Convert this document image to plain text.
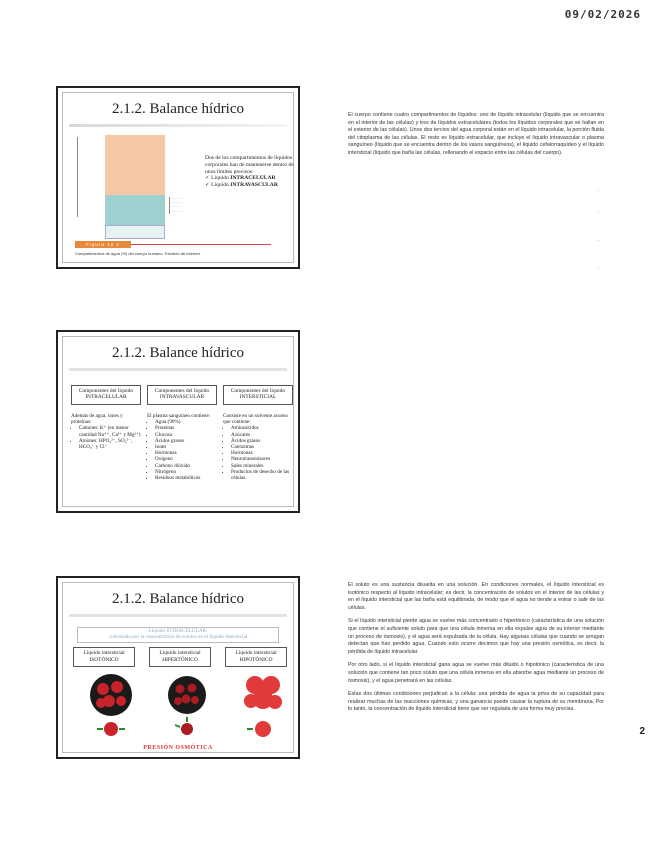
09/02/2026
2.1.2. Balance hídrico
· · · · ·
· · · · ·
· · · ·
· · · · ·
Dos de los compartimentos de líquidos corporales han de mantenerse dentro de unos límites precisos:
✓ Líquido INTRACELULAR
✓ Líquido INTRAVASCULAR
Figura 12.2
Compartimentos de agua (%) del cuerpo humano. Extraído de internet.
2.1.2. Balance hídrico
Componentes del líquido INTRACELULAR
Además de agua, iones y proteínas:
• Cationes: K⁺ (en menor cantidad Na⁺⁺, Ca²⁺ y Mg²⁺)
• Aniones: HPO₄²⁻, SO₄²⁻, HCO₃⁻ y Cl⁻
Componentes del líquido INTRAVASCULAR
El plasma sanguíneo contiene:
• Agua (90%)
• Proteínas
• Glucosa
• Ácidos grasos
• Iones
• Hormonas
• Oxígeno
• Carbono dióxido
• Nitrógeno
• Residuos metabólicos
Componentes del líquido INTERSTICIAL
Consiste en un solvente acuoso que contiene:
• Aminoácidos
• Azúcares
• Ácidos grasos
• Coenzimas
• Hormonas
• Neurotransmisores
• Sales minerales
• Productos de desecho de las células.
2.1.2. Balance hídrico
Líquido INTRACELULAR:
controlado por la concentración de solutos en el líquido intersticial
Líquido intersticial
ISOTÓNICO
Líquido intersticial
HIPERTÓNICO
Líquido intersticial
HIPOTÓNICO
PRESIÓN OSMÓTICA

El cuerpo contiene cuatro compartimentos de líquidos: uno de líquido intracelular (líquido que se encuentra en el interior de las células) y tres de líquidos extracelulares (todos los líquidos corporales que se hallan en el exterior de las células). Unos dos tercios del agua corporal están en el líquido intracelular, la porción fluida del citoplasma de las células. El resto es líquido extracelular, que incluye el líquido intravascular o plasma sanguíneo (líquido que se encuentra dentro de los vasos sanguíneos), el líquido cefalorraquídeo y el líquido intersticial (líquido que baña las células, rellenando el espacio entre las células del cuerpo).

El soluto es una sustancia disuelta en una solución. En condiciones normales, el líquido intersticial es isotónico respecto al líquido intracelular; es decir, la concentración de solutos en el interior de las células y en el líquido intersticial que las baña está equilibrada, de modo que el agua no tiende a entrar o salir de las células.

Si el líquido intersticial pierde agua se vuelve más concentrado o hipertónico (característica de una solución que contiene el suficiente soluto para que una célula inmersa en ella expulse agua de su interior mediante un proceso de ósmosis), y el agua será expulsada de la célula. Hay algunas células que cuando se arrugan detectan que han perdido agua. Cuando esto ocurre decimos que hay una presión osmótica, es decir, la pérdida de líquido intracelular.

Por otro lado, si el líquido intersticial gana agua se vuelve más diluido o hipotónico (característica de una solución que contiene tan poco soluto que una célula inmersa en ella absorbe agua mediante un proceso de ósmosis), y el agua penetrará en las células.

Estas dos últimas condiciones perjudican a la célula: una pérdida de agua la priva de su capacidad para realizar muchas de las reacciones químicas, y una ganancia puede causar la ruptura de su membrana. Por lo tanto, la concentración de líquido intersticial tiene que ser regulada de una forma muy precisa.

2
